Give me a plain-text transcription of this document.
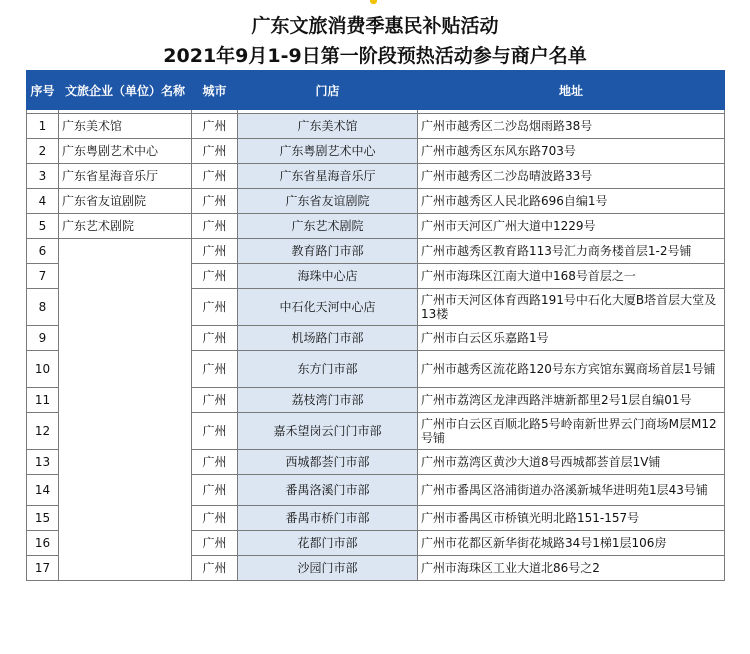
广东文旅消费季惠民补贴活动
2021年9月1-9日第一阶段预热活动参与商户名单
序号	文旅企业（单位）名称	城市	门店	地址

1	广东美术馆	广州	广东美术馆	广州市越秀区二沙岛烟雨路38号
2	广东粤剧艺术中心	广州	广东粤剧艺术中心	广州市越秀区东风东路703号
3	广东省星海音乐厅	广州	广东省星海音乐厅	广州市越秀区二沙岛晴波路33号
4	广东省友谊剧院	广州	广东省友谊剧院	广州市越秀区人民北路696自编1号
5	广东艺术剧院	广州	广东艺术剧院	广州市天河区广州大道中1229号
6		广州	教育路门市部	广州市越秀区教育路113号汇力商务楼首层1-2号铺
7		广州	海珠中心店	广州市海珠区江南大道中168号首层之一
8		广州	中石化天河中心店	广州市天河区体育西路191号中石化大厦B塔首层大堂及13楼
9		广州	机场路门市部	广州市白云区乐嘉路1号
10		广州	东方门市部	广州市越秀区流花路120号东方宾馆东翼商场首层1号铺
11		广州	荔枝湾门市部	广州市荔湾区龙津西路泮塘新都里2号1层自编01号
12		广州	嘉禾望岗云门门市部	广州市白云区百顺北路5号岭南新世界云门商场M层M12号铺
13		广州	西城都荟门市部	广州市荔湾区黄沙大道8号西城都荟首层1V铺
14		广州	番禺洛溪门市部	广州市番禺区洛浦街道办洛溪新城华进明苑1层43号铺
15		广州	番禺市桥门市部	广州市番禺区市桥镇光明北路151-157号
16		广州	花都门市部	广州市花都区新华街花城路34号1梯1层106房
17		广州	沙园门市部	广州市海珠区工业大道北86号之2
